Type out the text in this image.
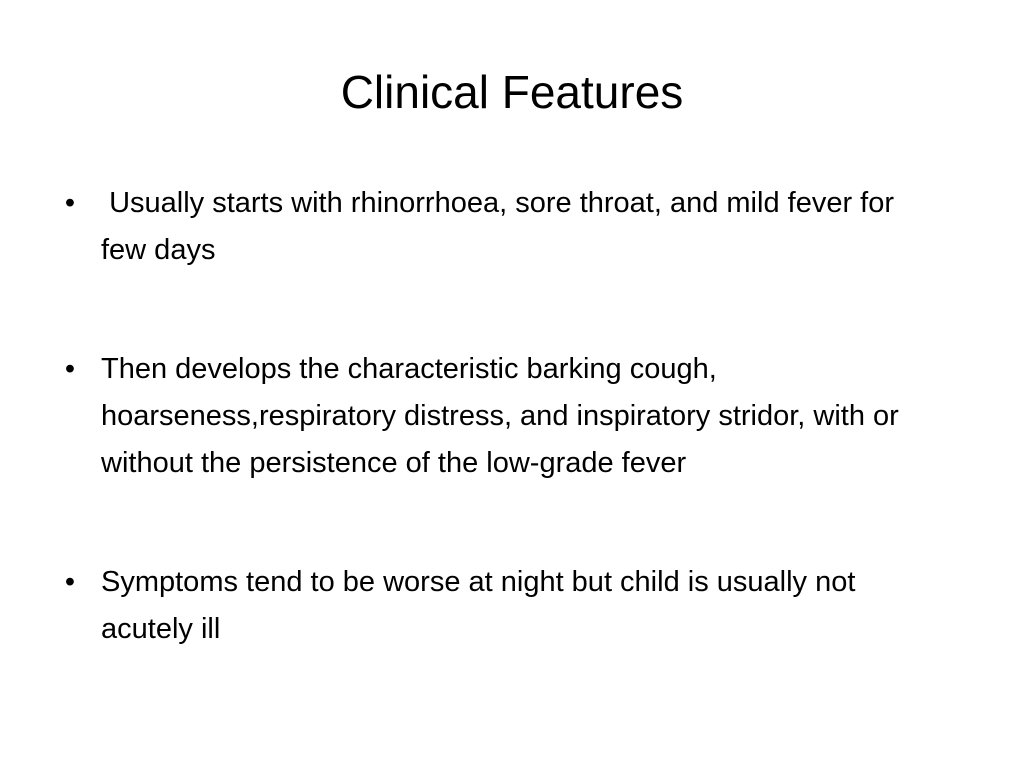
Clinical Features
• Usually starts with rhinorrhoea, sore throat, and mild fever for few days
• Then develops the characteristic barking cough, hoarseness,respiratory distress, and inspiratory stridor, with or without the persistence of the low-grade fever
• Symptoms tend to be worse at night but child is usually not acutely ill
